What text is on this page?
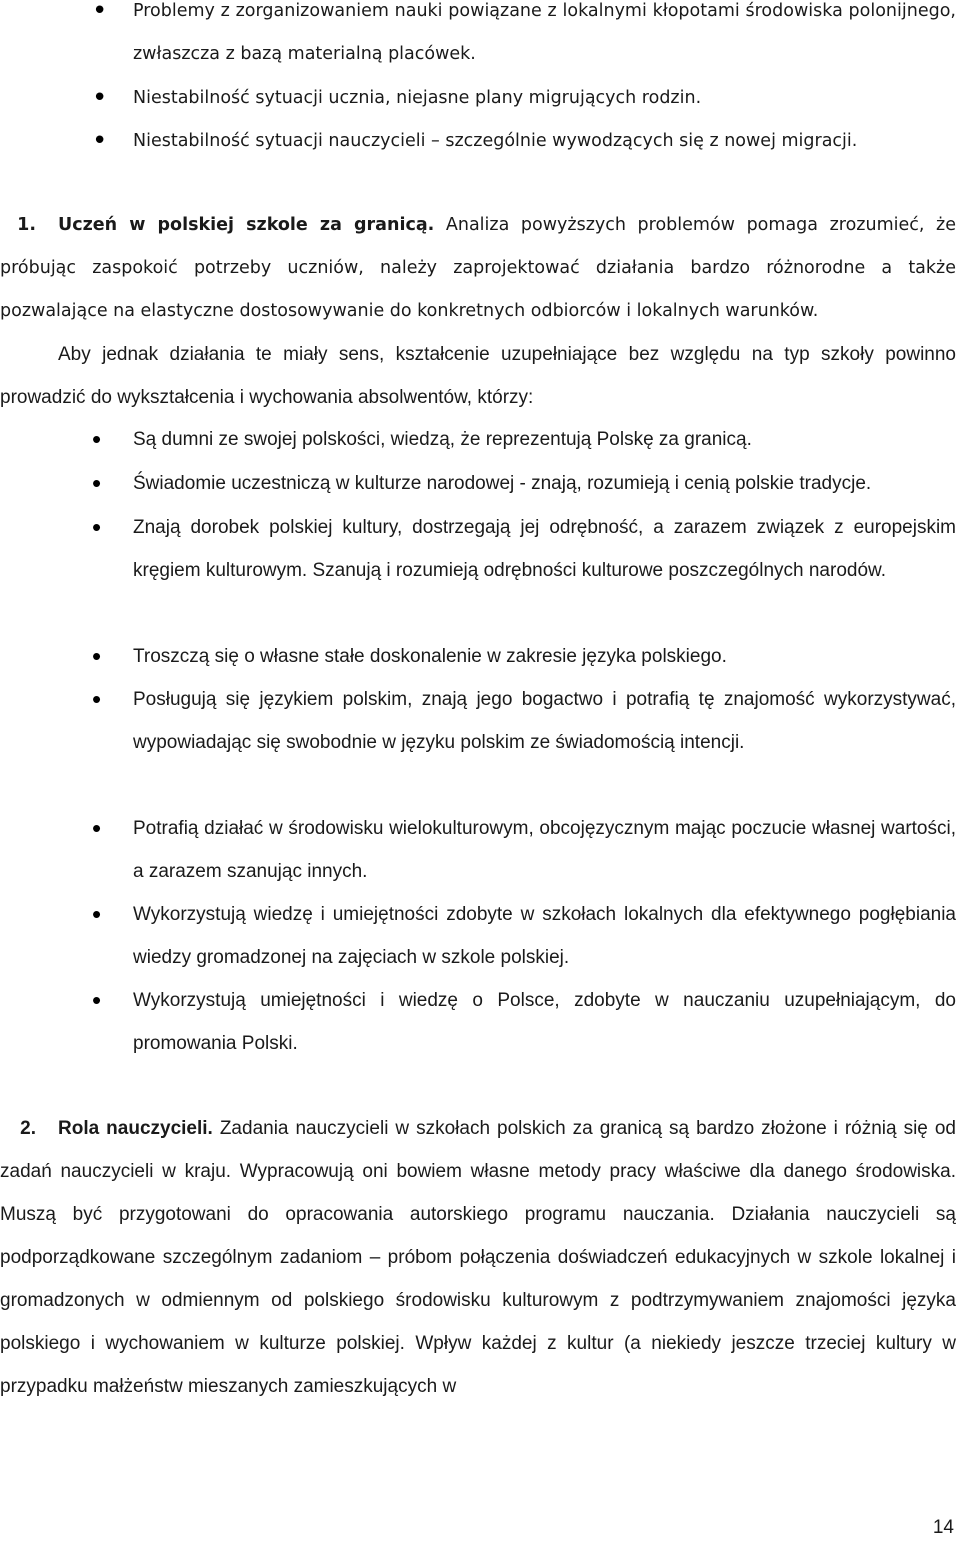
• Problemy z zorganizowaniem nauki powiązane z lokalnymi kłopotami środowiska polonijnego, zwłaszcza z bazą materialną placówek.
• Niestabilność sytuacji ucznia, niejasne plany migrujących rodzin.
• Niestabilność sytuacji nauczycieli – szczególnie wywodzących się z nowej migracji.

1. Uczeń w polskiej szkole za granicą. Analiza powyższych problemów pomaga zrozumieć, że próbując zaspokoić potrzeby uczniów, należy zaprojektować działania bardzo różnorodne a także pozwalające na elastyczne dostosowywanie do konkretnych odbiorców i lokalnych warunków.

Aby jednak działania te miały sens, kształcenie uzupełniające bez względu na typ szkoły powinno prowadzić do wykształcenia i wychowania absolwentów, którzy:

• Są dumni ze swojej polskości, wiedzą, że reprezentują Polskę za granicą.
• Świadomie uczestniczą w kulturze narodowej - znają, rozumieją i cenią polskie tradycje.
• Znają dorobek polskiej kultury, dostrzegają jej odrębność, a zarazem związek z europejskim kręgiem kulturowym. Szanują i rozumieją odrębności kulturowe poszczególnych narodów.
• Troszczą się o własne stałe doskonalenie w zakresie języka polskiego.
• Posługują się językiem polskim, znają jego bogactwo i potrafią tę znajomość wykorzystywać, wypowiadając się swobodnie w języku polskim ze świadomością intencji.
• Potrafią działać w środowisku wielokulturowym, obcojęzycznym mając poczucie własnej wartości, a zarazem szanując innych.
• Wykorzystują wiedzę i umiejętności zdobyte w szkołach lokalnych dla efektywnego pogłębiania wiedzy gromadzonej na zajęciach w szkole polskiej.
• Wykorzystują umiejętności i wiedzę o Polsce, zdobyte w nauczaniu uzupełniającym, do promowania Polski.

2. Rola nauczycieli. Zadania nauczycieli w szkołach polskich za granicą są bardzo złożone i różnią się od zadań nauczycieli w kraju. Wypracowują oni bowiem własne metody pracy właściwe dla danego środowiska. Muszą być przygotowani do opracowania autorskiego programu nauczania. Działania nauczycieli są podporządkowane szczególnym zadaniom – próbom połączenia doświadczeń edukacyjnych w szkole lokalnej i gromadzonych w odmiennym od polskiego środowisku kulturowym z podtrzymywaniem znajomości języka polskiego i wychowaniem w kulturze polskiej. Wpływ każdej z kultur (a niekiedy jeszcze trzeciej kultury w przypadku małżeństw mieszanych zamieszkujących w

14
